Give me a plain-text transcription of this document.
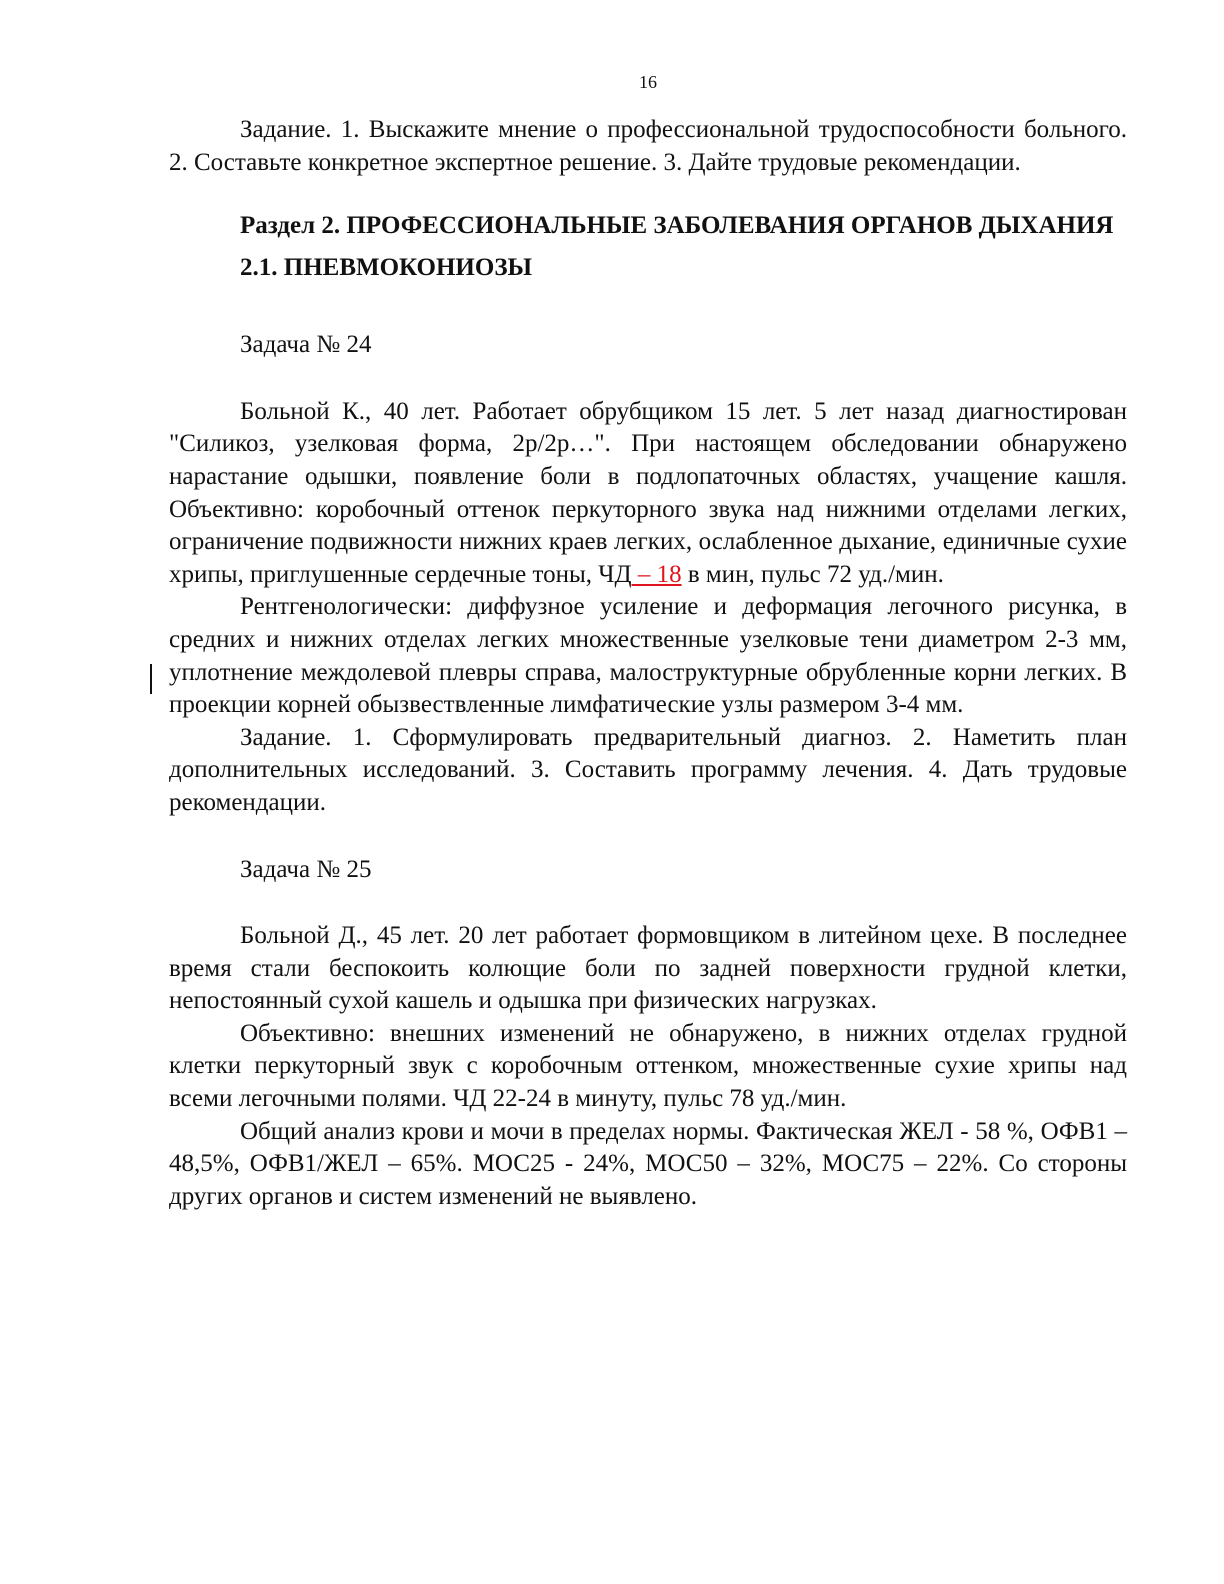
16

Задание. 1. Выскажите мнение о профессиональной трудоспособности больного. 2. Составьте конкретное экспертное решение. 3. Дайте трудовые рекомендации.

Раздел 2. ПРОФЕССИОНАЛЬНЫЕ ЗАБОЛЕВАНИЯ ОРГАНОВ ДЫХАНИЯ

2.1. ПНЕВМОКОНИОЗЫ

Задача № 24

Больной К., 40 лет. Работает обрубщиком 15 лет. 5 лет назад диагностирован "Силикоз, узелковая форма, 2р/2р…". При настоящем обследовании обнаружено нарастание одышки, появление боли в подлопаточных областях, учащение кашля. Объективно: коробочный оттенок перкуторного звука над нижними отделами легких, ограничение подвижности нижних краев легких, ослабленное дыхание, единичные сухие хрипы, приглушенные сердечные тоны, ЧД – 18 в мин, пульс 72 уд./мин.

Рентгенологически: диффузное усиление и деформация легочного рисунка, в средних и нижних отделах легких множественные узелковые тени диаметром 2-3 мм, уплотнение междолевой плевры справа, малоструктурные обрубленные корни легких. В проекции корней обызвествленные лимфатические узлы размером 3-4 мм.

Задание. 1. Сформулировать предварительный диагноз. 2. Наметить план дополнительных исследований. 3. Составить программу лечения. 4. Дать трудовые рекомендации.

Задача № 25

Больной Д., 45 лет. 20 лет работает формовщиком в литейном цехе. В последнее время стали беспокоить колющие боли по задней поверхности грудной клетки, непостоянный сухой кашель и одышка при физических нагрузках.

Объективно: внешних изменений не обнаружено, в нижних отделах грудной клетки перкуторный звук с коробочным оттенком, множественные сухие хрипы над всеми легочными полями. ЧД 22-24 в минуту, пульс 78 уд./мин.

Общий анализ крови и мочи в пределах нормы. Фактическая ЖЕЛ - 58 %, ОФВ1 – 48,5%, ОФВ1/ЖЕЛ – 65%. МОС25 - 24%, МОС50 – 32%, МОС75 – 22%. Со стороны других органов и систем изменений не выявлено.
